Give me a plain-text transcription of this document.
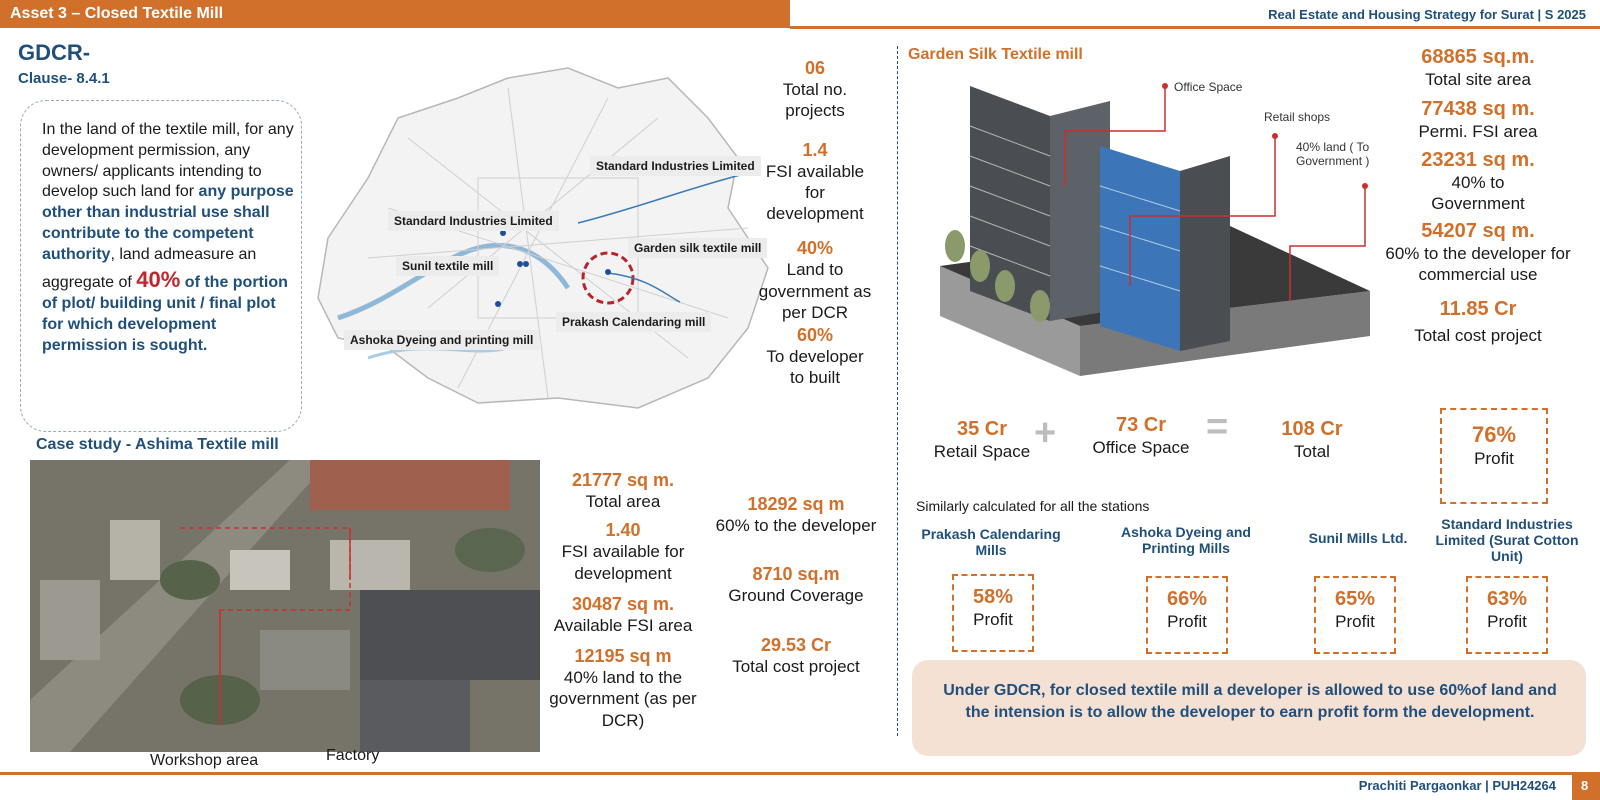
Asset 3 – Closed Textile Mill	Real Estate and Housing Strategy for Surat | S 2025
GDCR-
Clause- 8.4.1
In the land of the textile mill, for any development permission, any owners/ applicants intending to develop such land for any purpose other than industrial use shall contribute to the competent authority, land admeasure an aggregate of 40% of the portion of plot/ building unit / final plot for which development permission is sought.
Standard Industries Limited
Standard Industries Limited
Garden silk textile mill
Sunil textile mill
Prakash Calendaring mill
Ashoka Dyeing and printing mill
06
Total no. projects
1.4
FSI available for development
40%
Land to government as per DCR
60%
To developer to built
Case study - Ashima Textile mill
Workshop area	Factory
21777 sq m.
Total area
1.40
FSI available for development
30487 sq m.
Available FSI area
12195 sq m
40% land to the government (as per DCR)
18292 sq m
60% to the developer
8710 sq.m
Ground Coverage
29.53 Cr
Total cost project
Garden Silk Textile mill
Office Space
Retail shops
40% land ( To Government )
68865 sq.m.
Total site area
77438 sq m.
Permi. FSI area
23231 sq m.
40% to Government
54207 sq m.
60% to the developer for commercial use
11.85 Cr
Total cost project
35 Cr
Retail Space +	73 Cr
Office Space =	108 Cr
Total
76%
Profit
Similarly calculated for all the stations
Prakash Calendaring Mills
Ashoka Dyeing and Printing Mills
Sunil Mills Ltd.
Standard Industries Limited (Surat Cotton Unit)
58%
Profit
66%
Profit
65%
Profit
63%
Profit
Under GDCR, for closed textile mill a developer is allowed to use 60%of land and the intension is to allow the developer to earn profit form the development.
Prachiti Pargaonkar | PUH24264 8
